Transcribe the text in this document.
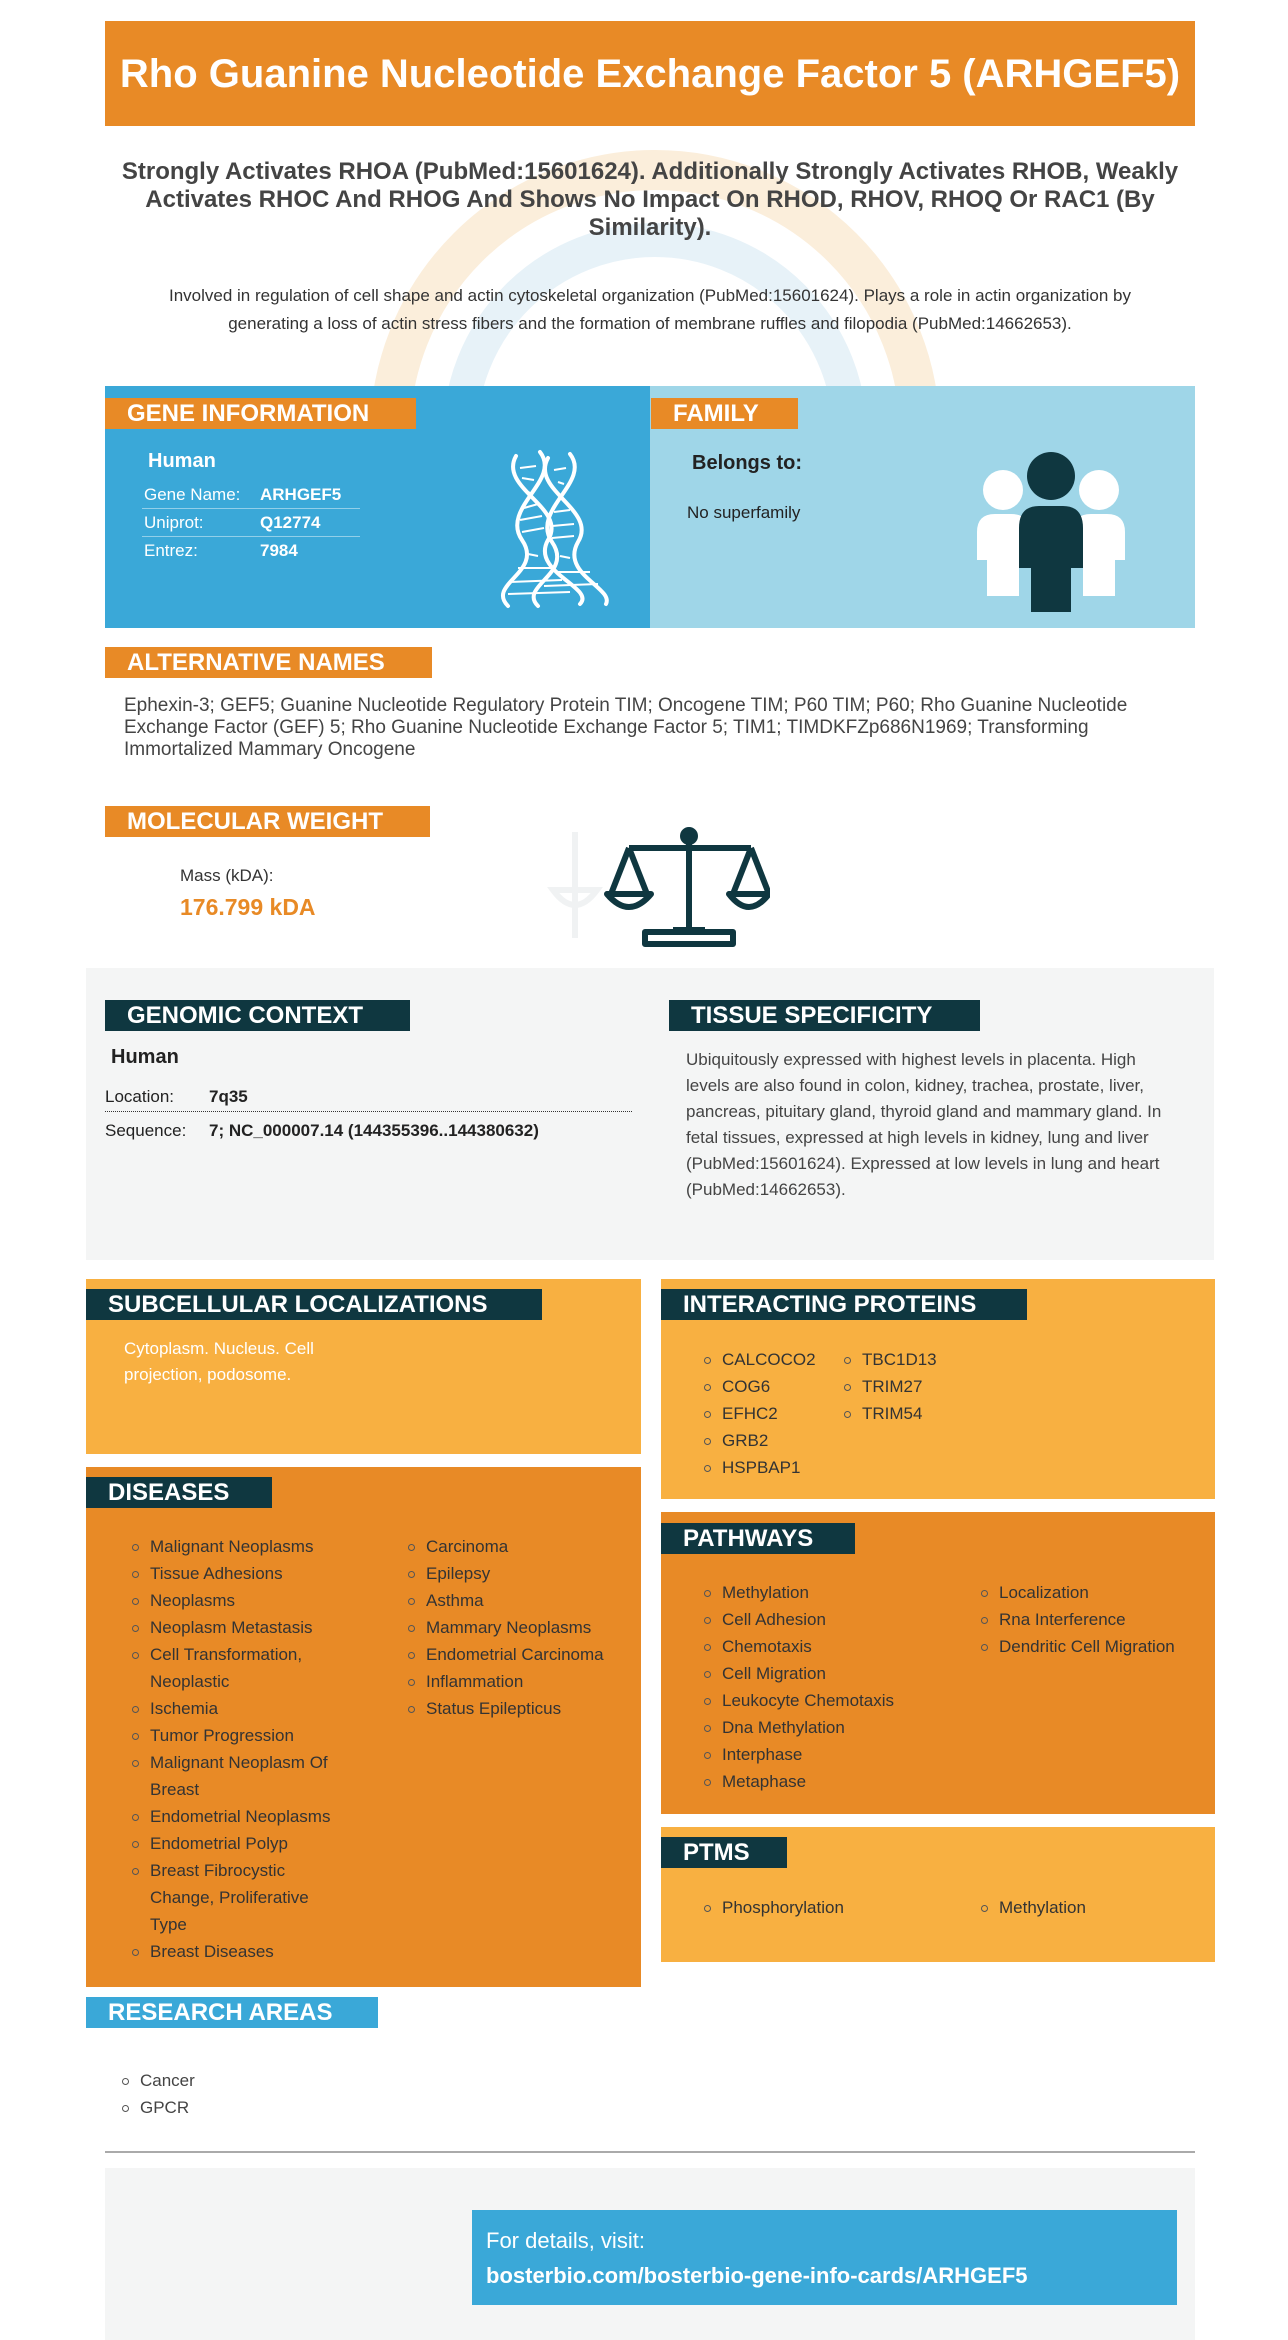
Rho Guanine Nucleotide Exchange Factor 5 (ARHGEF5)
Strongly Activates RHOA (PubMed:15601624). Additionally Strongly Activates RHOB, Weakly Activates RHOC And RHOG And Shows No Impact On RHOD, RHOV, RHOQ Or RAC1 (By Similarity).
Involved in regulation of cell shape and actin cytoskeletal organization (PubMed:15601624). Plays a role in actin organization by generating a loss of actin stress fibers and the formation of membrane ruffles and filopodia (PubMed:14662653).
GENE INFORMATION	FAMILY
Human
Gene Name: ARHGEF5
Uniprot:	Q12774
Entrez:	7984
Belongs to:
No superfamily
ALTERNATIVE NAMES
Ephexin-3; GEF5; Guanine Nucleotide Regulatory Protein TIM; Oncogene TIM; P60 TIM; P60; Rho Guanine Nucleotide Exchange Factor (GEF) 5; Rho Guanine Nucleotide Exchange Factor 5; TIM1; TIMDKFZp686N1969; Transforming Immortalized Mammary Oncogene
MOLECULAR WEIGHT
Mass (kDA):
176.799 kDA
GENOMIC CONTEXT	TISSUE SPECIFICITY
Human
Location: 7q35
Sequence: 7; NC_000007.14 (144355396..144380632)
Ubiquitously expressed with highest levels in placenta. High levels are also found in colon, kidney, trachea, prostate, liver, pancreas, pituitary gland, thyroid gland and mammary gland. In fetal tissues, expressed at high levels in kidney, lung and liver (PubMed:15601624). Expressed at low levels in lung and heart (PubMed:14662653).
SUBCELLULAR LOCALIZATIONS
Cytoplasm. Nucleus. Cell projection, podosome.
INTERACTING PROTEINS
CALCOCO2
COG6
EFHC2
GRB2
HSPBAP1
TBC1D13
TRIM27
TRIM54
DISEASES
Malignant Neoplasms
Tissue Adhesions
Neoplasms
Neoplasm Metastasis
Cell Transformation, Neoplastic
Ischemia
Tumor Progression
Malignant Neoplasm Of Breast
Endometrial Neoplasms
Endometrial Polyp
Breast Fibrocystic Change, Proliferative Type
Breast Diseases
Carcinoma
Epilepsy
Asthma
Mammary Neoplasms
Endometrial Carcinoma
Inflammation
Status Epilepticus
PATHWAYS
Methylation
Cell Adhesion
Chemotaxis
Cell Migration
Leukocyte Chemotaxis
Dna Methylation
Interphase
Metaphase
Localization
Rna Interference
Dendritic Cell Migration
PTMS
Phosphorylation	Methylation
RESEARCH AREAS
Cancer
GPCR
For details, visit:
bosterbio.com/bosterbio-gene-info-cards/ARHGEF5
